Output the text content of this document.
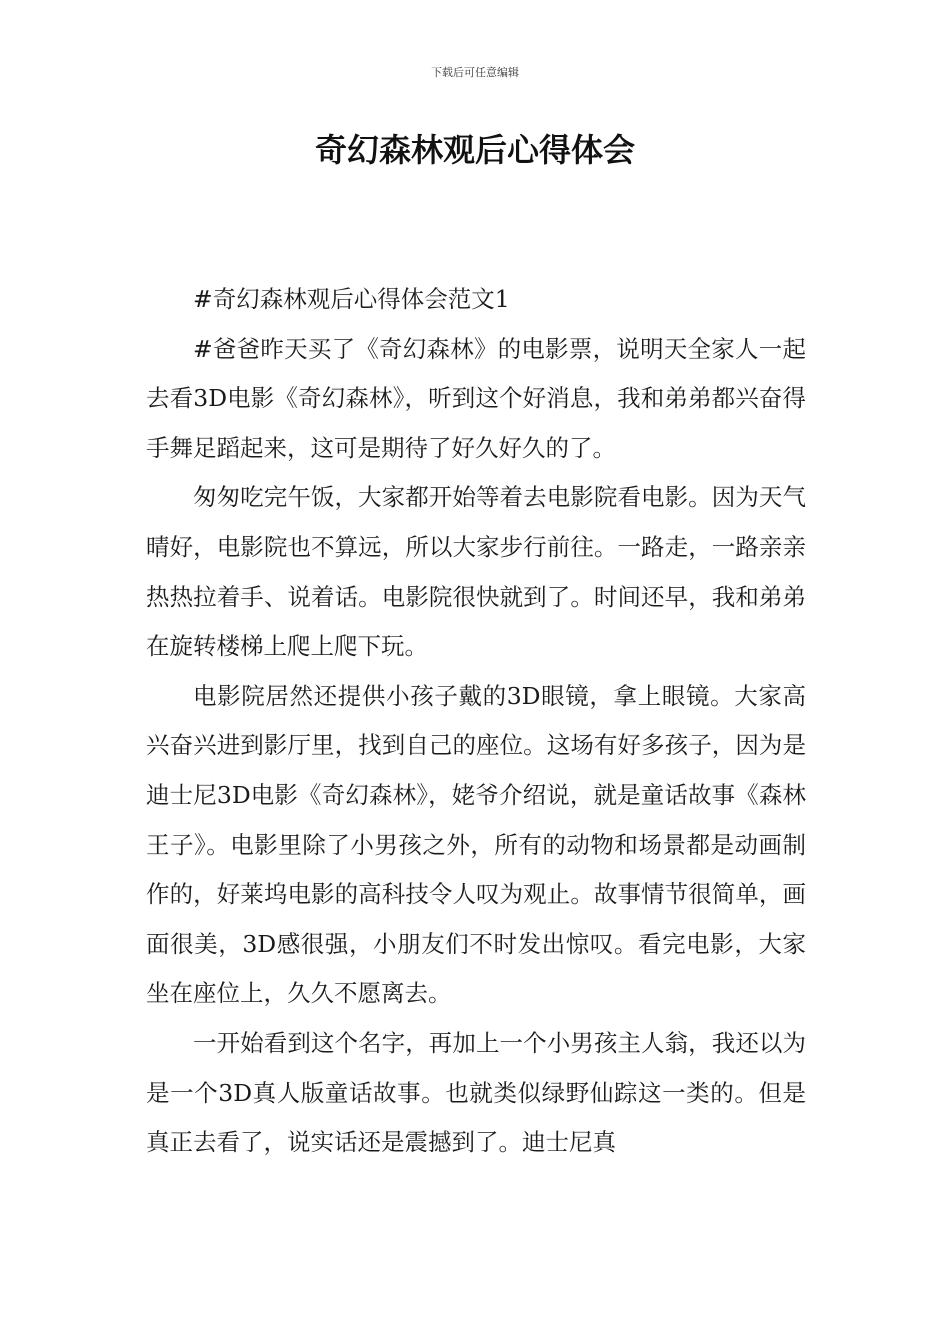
下载后可任意编辑
奇幻森林观后心得体会

#奇幻森林观后心得体会范文1

#爸爸昨天买了《奇幻森林》的电影票，说明天全家人一起去看3D电影《奇幻森林》，听到这个好消息，我和弟弟都兴奋得手舞足蹈起来，这可是期待了好久好久的了。

匆匆吃完午饭，大家都开始等着去电影院看电影。因为天气晴好，电影院也不算远，所以大家步行前往。一路走，一路亲亲热热拉着手、说着话。电影院很快就到了。时间还早，我和弟弟在旋转楼梯上爬上爬下玩。

电影院居然还提供小孩子戴的3D眼镜，拿上眼镜。大家高兴奋兴进到影厅里，找到自己的座位。这场有好多孩子，因为是迪士尼3D电影《奇幻森林》，姥爷介绍说，就是童话故事《森林王子》。电影里除了小男孩之外，所有的动物和场景都是动画制作的，好莱坞电影的高科技令人叹为观止。故事情节很简单，画面很美，3D感很强，小朋友们不时发出惊叹。看完电影，大家坐在座位上，久久不愿离去。

一开始看到这个名字，再加上一个小男孩主人翁，我还以为是一个3D真人版童话故事。也就类似绿野仙踪这一类的。但是真正去看了，说实话还是震撼到了。迪士尼真
